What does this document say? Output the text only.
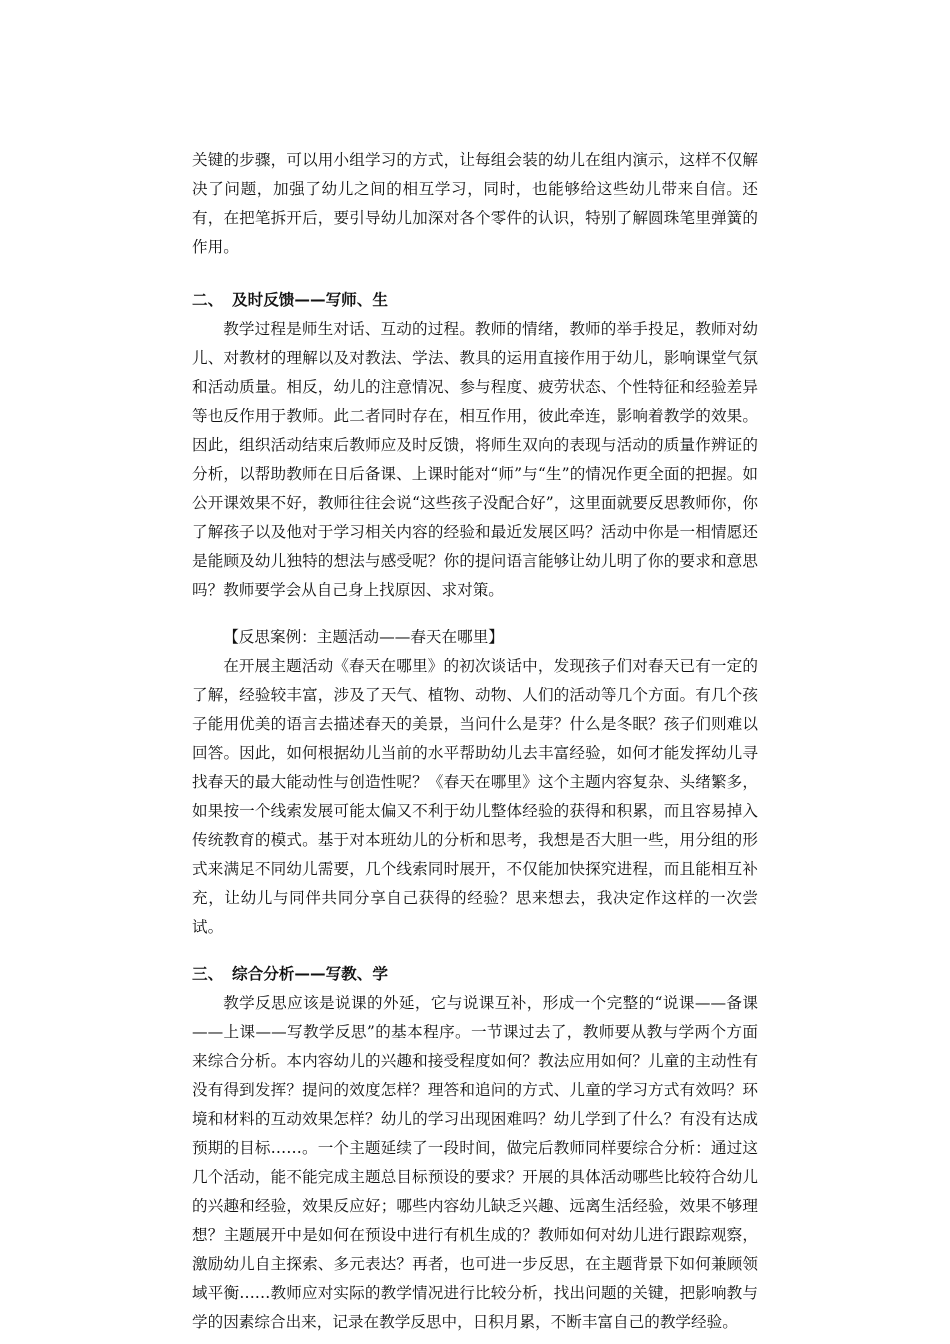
关键的步骤，可以用小组学习的方式，让每组会装的幼儿在组内演示，这样不仅解决了问题，加强了幼儿之间的相互学习，同时，也能够给这些幼儿带来自信。还有，在把笔拆开后，要引导幼儿加深对各个零件的认识，特别了解圆珠笔里弹簧的作用。

二、 及时反馈——写师、生

教学过程是师生对话、互动的过程。教师的情绪，教师的举手投足，教师对幼儿、对教材的理解以及对教法、学法、教具的运用直接作用于幼儿，影响课堂气氛和活动质量。相反，幼儿的注意情况、参与程度、疲劳状态、个性特征和经验差异等也反作用于教师。此二者同时存在，相互作用，彼此牵连，影响着教学的效果。因此，组织活动结束后教师应及时反馈，将师生双向的表现与活动的质量作辨证的分析，以帮助教师在日后备课、上课时能对“师”与“生”的情况作更全面的把握。如公开课效果不好，教师往往会说“这些孩子没配合好”，这里面就要反思教师你，你了解孩子以及他对于学习相关内容的经验和最近发展区吗？活动中你是一相情愿还是能顾及幼儿独特的想法与感受呢？你的提问语言能够让幼儿明了你的要求和意思吗？教师要学会从自己身上找原因、求对策。

【反思案例：主题活动——春天在哪里】

在开展主题活动《春天在哪里》的初次谈话中，发现孩子们对春天已有一定的了解，经验较丰富，涉及了天气、植物、动物、人们的活动等几个方面。有几个孩子能用优美的语言去描述春天的美景，当问什么是芽？什么是冬眠？孩子们则难以回答。因此，如何根据幼儿当前的水平帮助幼儿去丰富经验，如何才能发挥幼儿寻找春天的最大能动性与创造性呢？《春天在哪里》这个主题内容复杂、头绪繁多，如果按一个线索发展可能太偏又不利于幼儿整体经验的获得和积累，而且容易掉入传统教育的模式。基于对本班幼儿的分析和思考，我想是否大胆一些，用分组的形式来满足不同幼儿需要，几个线索同时展开，不仅能加快探究进程，而且能相互补充，让幼儿与同伴共同分享自己获得的经验？思来想去，我决定作这样的一次尝试。

三、 综合分析——写教、学

教学反思应该是说课的外延，它与说课互补，形成一个完整的“说课——备课——上课——写教学反思”的基本程序。一节课过去了，教师要从教与学两个方面来综合分析。本内容幼儿的兴趣和接受程度如何？教法应用如何？儿童的主动性有没有得到发挥？提问的效度怎样？理答和追问的方式、儿童的学习方式有效吗？环境和材料的互动效果怎样？幼儿的学习出现困难吗？幼儿学到了什么？有没有达成预期的目标……。一个主题延续了一段时间，做完后教师同样要综合分析：通过这几个活动，能不能完成主题总目标预设的要求？开展的具体活动哪些比较符合幼儿的兴趣和经验，效果反应好；哪些内容幼儿缺乏兴趣、远离生活经验，效果不够理想？主题展开中是如何在预设中进行有机生成的？教师如何对幼儿进行跟踪观察，激励幼儿自主探索、多元表达？再者，也可进一步反思，在主题背景下如何兼顾领域平衡……教师应对实际的教学情况进行比较分析，找出问题的关键，把影响教与学的因素综合出来，记录在教学反思中，日积月累，不断丰富自己的教学经验。
